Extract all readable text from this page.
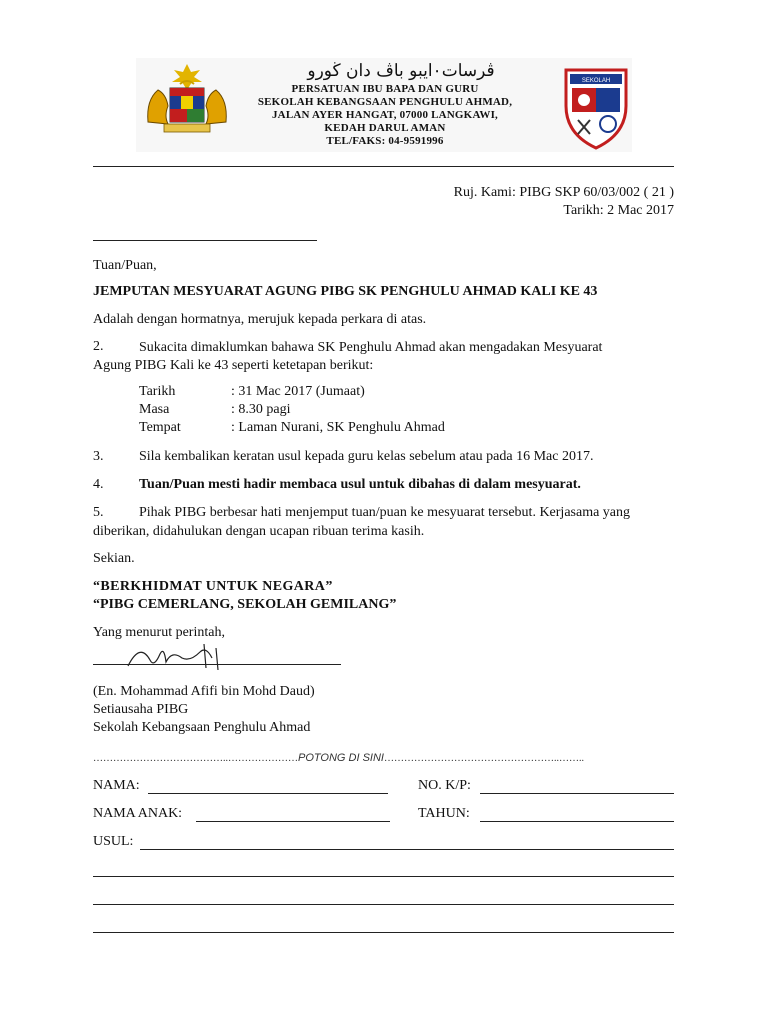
ڤرسات٠ايبو باڤ دان ڬورو
PERSATUAN IBU BAPA DAN GURU
SEKOLAH KEBANGSAAN PENGHULU AHMAD,
JALAN AYER HANGAT, 07000 LANGKAWI,
KEDAH DARUL AMAN
TEL/FAKS: 04-9591996
SEKOLAH
Ruj. Kami: PIBG SKP 60/03/002 ( 21 )
Tarikh: 2 Mac 2017
Tuan/Puan,
JEMPUTAN MESYUARAT AGUNG PIBG SK PENGHULU AHMAD KALI KE 43
Adalah dengan hormatnya, merujuk kepada perkara di atas.
2.	Sukacita dimaklumkan bahawa SK Penghulu Ahmad akan mengadakan Mesyuarat
Agung PIBG Kali ke 43 seperti ketetapan berikut:
Tarikh	: 31 Mac 2017 (Jumaat)
Masa	: 8.30 pagi
Tempat	: Laman Nurani, SK Penghulu Ahmad
3.	Sila kembalikan keratan usul kepada guru kelas sebelum atau pada 16 Mac 2017.
4.	Tuan/Puan mesti hadir membaca usul untuk dibahas di dalam mesyuarat.
5.	Pihak PIBG berbesar hati menjemput tuan/puan ke mesyuarat tersebut. Kerjasama yang
diberikan, didahulukan dengan ucapan ribuan terima kasih.
Sekian.
“BERKHIDMAT UNTUK NEGARA”
“PIBG CEMERLANG, SEKOLAH GEMILANG”
Yang menurut perintah,
(En. Mohammad Afifi bin Mohd Daud)
Setiausaha PIBG
Sekolah Kebangsaan Penghulu Ahmad
…………………………………..…………………POTONG DI SINI……………………………………………..……..
NAMA:	NO. K/P:
NAMA ANAK:	TAHUN:
USUL:
